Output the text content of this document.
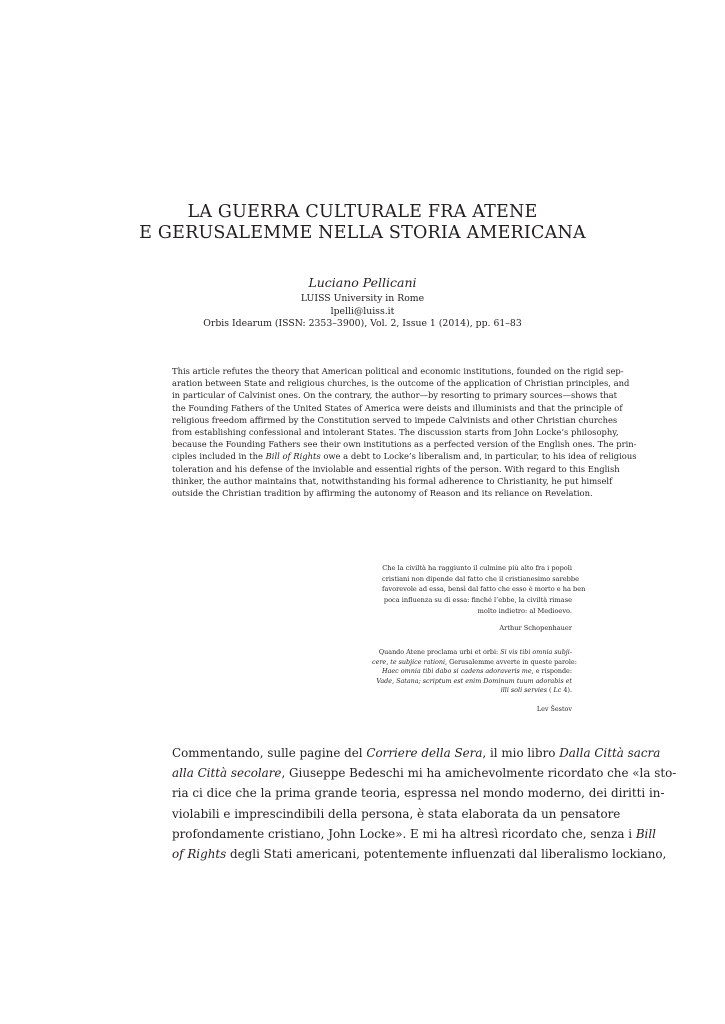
LA GUERRA CULTURALE FRA ATENE
E GERUSALEMME NELLA STORIA AMERICANA
Luciano Pellicani
LUISS University in Rome
lpelli@luiss.it
Orbis Idearum (ISSN: 2353–3900), Vol. 2, Issue 1 (2014), pp. 61–83
This article refutes the theory that American political and economic institutions, founded on the rigid sep-
aration between State and religious churches, is the outcome of the application of Christian principles, and
in particular of Calvinist ones. On the contrary, the author—by resorting to primary sources—shows that
the Founding Fathers of the United States of America were deists and illuminists and that the principle of
religious freedom affirmed by the Constitution served to impede Calvinists and other Christian churches
from establishing confessional and intolerant States. The discussion starts from John Locke’s philosophy,
because the Founding Fathers see their own institutions as a perfected version of the English ones. The prin-
ciples included in the Bill of Rights owe a debt to Locke’s liberalism and, in particular, to his idea of religious
toleration and his defense of the inviolable and essential rights of the person. With regard to this English
thinker, the author maintains that, notwithstanding his formal adherence to Christianity, he put himself
outside the Christian tradition by affirming the autonomy of Reason and its reliance on Revelation.
Che la civiltà ha raggiunto il culmine più alto fra i popoli
cristiani non dipende dal fatto che il cristianesimo sarebbe
favorevole ad essa, bensì dal fatto che esso è morto e ha ben
poca influenza su di essa: finché l’ebbe, la civiltà rimase
molto indietro: al Medioevo.
Arthur Schopenhauer
Quando Atene proclama urbi et orbi: Si vis tibi omnia subji-
cere, te subjice rationi, Gerusalemme avverte in queste parole:
Haec omnia tibi dabo si cadens adoraveris me, e risponde:
Vade, Satana; scriptum est enim Dominum tuum adorabis et
illi soli servies ( Lc 4).
Lev Šestov
Commentando, sulle pagine del Corriere della Sera, il mio libro Dalla Città sacra
alla Città secolare, Giuseppe Bedeschi mi ha amichevolmente ricordato che «la sto-
ria ci dice che la prima grande teoria, espressa nel mondo moderno, dei diritti in-
violabili e imprescindibili della persona, è stata elaborata da un pensatore
profondamente cristiano, John Locke». E mi ha altresì ricordato che, senza i Bill
of Rights degli Stati americani, potentemente influenzati dal liberalismo lockiano,
